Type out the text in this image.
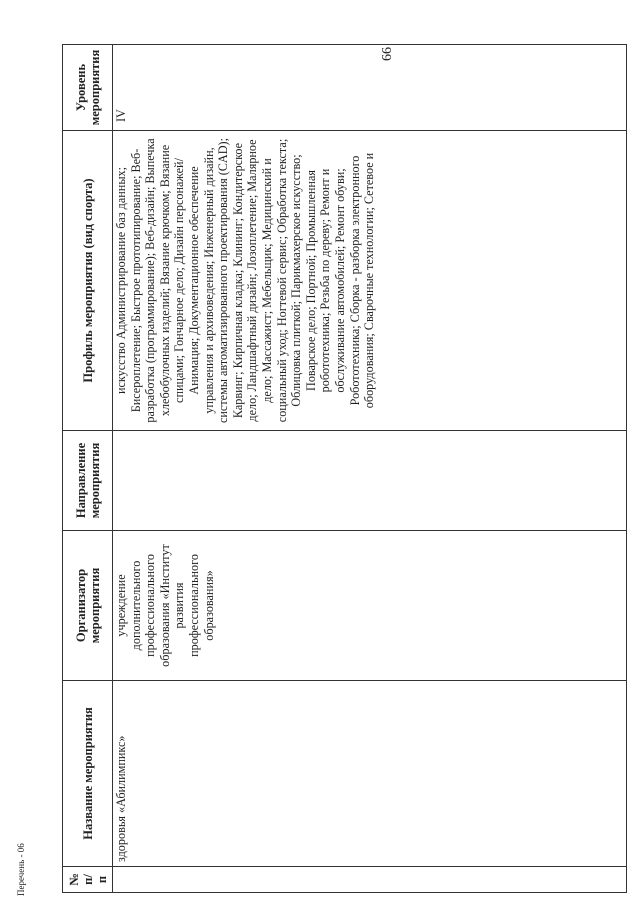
66
Перечень - 06	№ п/п	Название мероприятия	Организатор мероприятия	Направление мероприятия	Профиль мероприятия (вид спорта)	Уровень мероприятия
	здоровья «Абилимпикс»	учреждение дополнительного профессионального образования «Институт развития профессионального образования»		искусство Администрирование баз данных; Бисероплетение; Быстрое прототипирование; Веб-разработка (программирование); Веб-дизайн; Выпечка хлебобулочных изделий; Вязание крючком; Вязание спицами; Гончарное дело; Дизайн персонажей/Анимация; Документационное обеспечение управления и архивоведения; Инженерный дизайн, системы автоматизированного проектирования (CAD); Карвинг; Кирпичная кладка; Клининг; Кондитерское дело; Ландшафтный дизайн; Лозоплетение; Малярное дело; Массажист; Мебельщик; Медицинский и социальный уход; Ногтевой сервис; Обработка текста; Облицовка плиткой; Парикмахерское искусство; Поварское дело; Портной; Промышленная робототехника; Резьба по дереву; Ремонт и обслуживание автомобилей; Ремонт обуви; Робототехника; Сборка - разборка электронного оборудования; Сварочные технологии; Сетевое и	IV
